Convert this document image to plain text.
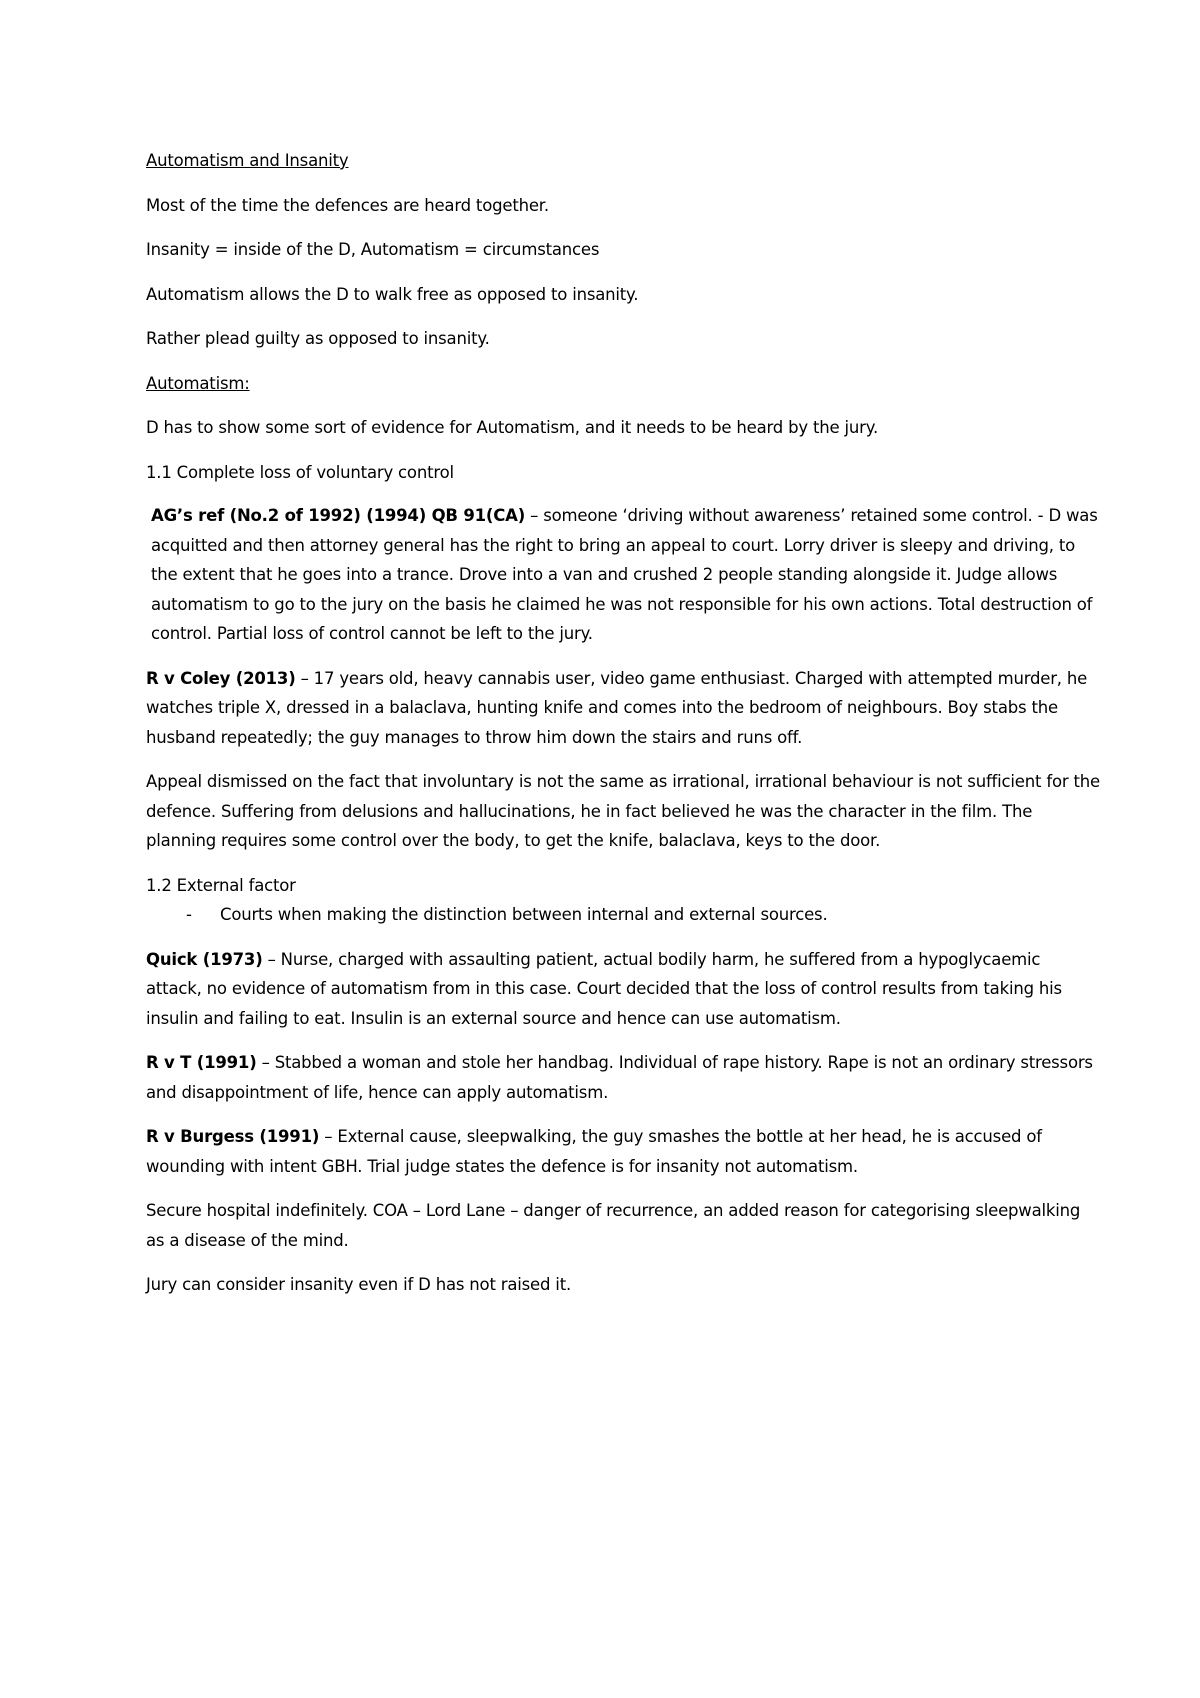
Automatism and Insanity

Most of the time the defences are heard together.

Insanity = inside of the D, Automatism = circumstances

Automatism allows the D to walk free as opposed to insanity.

Rather plead guilty as opposed to insanity.

Automatism:

D has to show some sort of evidence for Automatism, and it needs to be heard by the jury.

1.1 Complete loss of voluntary control

AG’s ref (No.2 of 1992) (1994) QB 91(CA) – someone ‘driving without awareness’ retained some control. - D was acquitted and then attorney general has the right to bring an appeal to court. Lorry driver is sleepy and driving, to the extent that he goes into a trance. Drove into a van and crushed 2 people standing alongside it. Judge allows automatism to go to the jury on the basis he claimed he was not responsible for his own actions. Total destruction of control. Partial loss of control cannot be left to the jury.

R v Coley (2013) – 17 years old, heavy cannabis user, video game enthusiast. Charged with attempted murder, he watches triple X, dressed in a balaclava, hunting knife and comes into the bedroom of neighbours. Boy stabs the husband repeatedly; the guy manages to throw him down the stairs and runs off.

Appeal dismissed on the fact that involuntary is not the same as irrational, irrational behaviour is not sufficient for the defence. Suffering from delusions and hallucinations, he in fact believed he was the character in the film. The planning requires some control over the body, to get the knife, balaclava, keys to the door.

1.2 External factor

-	Courts when making the distinction between internal and external sources.

Quick (1973) – Nurse, charged with assaulting patient, actual bodily harm, he suffered from a hypoglycaemic attack, no evidence of automatism from in this case. Court decided that the loss of control results from taking his insulin and failing to eat. Insulin is an external source and hence can use automatism.

R v T (1991) – Stabbed a woman and stole her handbag. Individual of rape history. Rape is not an ordinary stressors and disappointment of life, hence can apply automatism.

R v Burgess (1991) – External cause, sleepwalking, the guy smashes the bottle at her head, he is accused of wounding with intent GBH. Trial judge states the defence is for insanity not automatism.

Secure hospital indefinitely. COA – Lord Lane – danger of recurrence, an added reason for categorising sleepwalking as a disease of the mind.

Jury can consider insanity even if D has not raised it.
